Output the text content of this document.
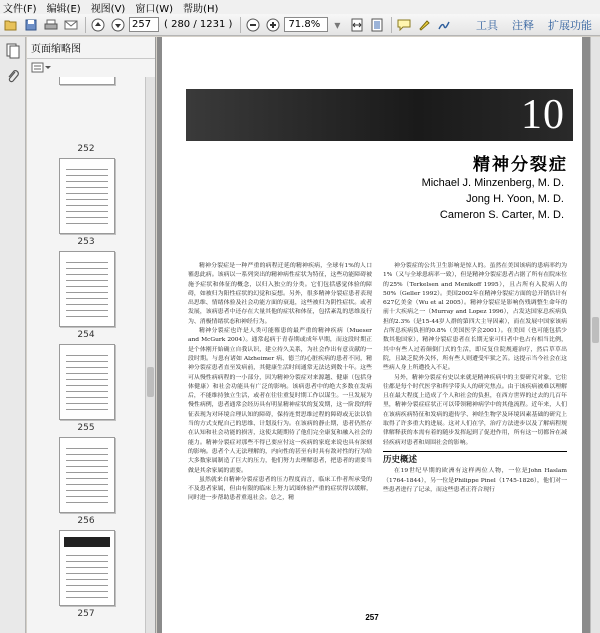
文件(F) 编辑(E) 视图(V) 窗口(W) 帮助(H)
257	( 280 / 1231 )	71.8%	▾	工具 注释 扩展功能
页面缩略图
252
253
254
255
256
257
10
精神分裂症
Michael J. Minzenberg, M. D.
Jong H. Yoon, M. D.
Cameron S. Carter, M. D.

精神分裂症是一种严重的病程迁延的精神疾病，全球有1%的人口罹患此病。该病以一系列突出的精神病性症状为特征，这些功能障碍被施予症状和体征的概念，以归入独立的分类。它们包括感觉体验的障碍，如被归为阳性症状的幻觉和妄想。另外，很多精神分裂症患者表现出思维、情绪体验及社会功能方面的衰退，这些被归为阴性症状。或者发展，该病患者中还存在大量其他的症状和体征，包括紊乱的思维及行为、消极情绪状态和神经行为。

精神分裂症也许是人类可能罹患的最严重的精神疾病（Mueser and McGurk 2004）。通常起病于青春期或成年早期，而这段时期正是个体刚开始确立自我认识，建立持久关系，为社会作出有意贡献的一段时期。与患有诸如 Alzheimer 病、德兰的心脏疾病的患者不同，精神分裂症患者直至发病前，其健康生活时间通常无法达到数十年。这些可从慢性病病程的一小部分，因为精神分裂症对来源越、健康（包括身体健康）和社会功能具有广泛的影响。该病患者中的绝大多数在发病后，不能维持独立生活，或者在往往重复时期工作以谋生。一旦发展为慢性病例，患者通常会经历具有明显精神症状的复发期，这一阶段的特征表现为对环境合理认知的障碍，保持连贯思维过程的障碍或无法以恰当的方式支配自己的思维、计划及行为。在该病的静止期，患者仍然存在认知和社会功能的损害，这使太随期待了他们完全康复和融入社会的能力。精神分裂症对那些不得已要应付这一疾病的家庭来说也具有深刻的影响。患者个人无法理解的，内向性的甚至有时具有敌对性的行为给大多数家属制造了巨大的压力，他们努力去理解患者，把患者的需要当做是其余家属的需要。

虽然就来自精神分裂症患者的压力程度而言，临床工作者所承受的不及患者家属，但由有限的临床上努力试图体验严重的症状得以缓解，同时进一步帮助患者重返社会。总之，精

神分裂症的公共卫生影响是惊人的。虽然在美国该病的患病率约为1%（又与全球患病率一致），但是精神分裂症患者占据了所有在院床位的25%（Terkelsen and Menikoff 1995），且占所有入院病人的50%（Geller 1992）。美国2002年在精神分裂症方面的总开销估计有627亿美金（Wu et al 2005）。精神分裂症是影响伤残调整生命年的前十大疾病之一（Murray and Lopez 1996），占发达国家总疾病负担的2.3%（是15-44岁人群的第四大主导因素），而在发展中国家该病占所总疾病负担的0.8%（美国医学会2001）。在美国（也可能包括少数其他国家），精神分裂症患者在长期无家可归者中也占有相当比例，其中有些人过着颠倒门式的生活，即反复住院规避治疗，然后草草出院，且缺乏院外关怀，所有些人则遭受牢狱之苦。这提示当今社会在这些病人身上所遭投入不足。

另外，精神分裂症有史以来就是精神疾病中的主要研究对象，它往往都是每个时代医学和科学带头人的研究焦点。由于该疾病被难以理解且在最大程度上造成了个人和社会的负担，在西方世界的过去的几百年里，精神分裂症症状正可以带领精神病学中的其他流程。近年来，人们在该病疾病特征和发病的遗传学、神经生物学及环境因素基础的研究上取得了许多重大的进展。这对人们在学，治疗方法进步以及了解病程规律解释获的本需有着的随步发挥起到了促进作用，所有这一切都旨在减轻疾病对患者和周围社会的影响。

历史概述

在19世纪早期的欧洲有这样两位人物，一位是John Haslam（1764-1844），另一位是Philippe Pinel（1745-1826），他们对一些患者进行了记录，而这些患者正符合现行

257
